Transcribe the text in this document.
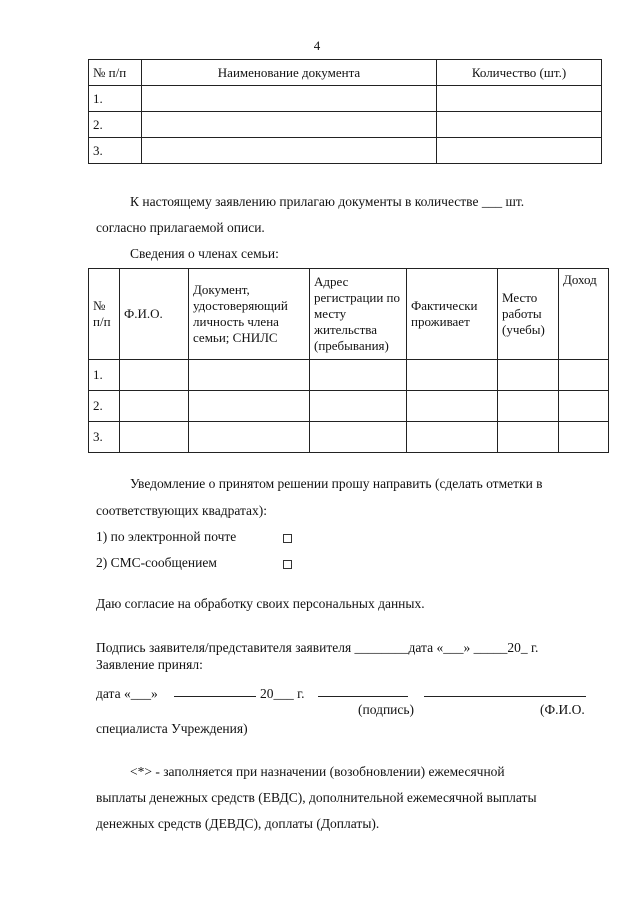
4
№ п/п	Наименование документа	Количество (шт.)
1.		
2.		
3.		
К настоящему заявлению прилагаю документы в количестве ___ шт.
согласно прилагаемой описи.
Сведения о членах семьи:
№ п/п	Ф.И.О.	Документ, удостоверяющий личность члена семьи; СНИЛС	Адрес регистрации по месту жительства (пребывания)	Фактически проживает	Место работы (учебы)	Доход
1.						
2.						
3.						
Уведомление о принятом решении прошу направить (сделать отметки в
соответствующих квадратах):
1) по электронной почте
2) СМС-сообщением
Даю согласие на обработку своих персональных данных.
Подпись заявителя/представителя заявителя ________дата «___» _____20_ г.
Заявление принял:
дата «___»	20___ г.
(подпись)	(Ф.И.О.
специалиста Учреждения)
<*> - заполняется при назначении (возобновлении) ежемесячной
выплаты денежных средств (ЕВДС), дополнительной ежемесячной выплаты
денежных средств (ДЕВДС), доплаты (Доплаты).
